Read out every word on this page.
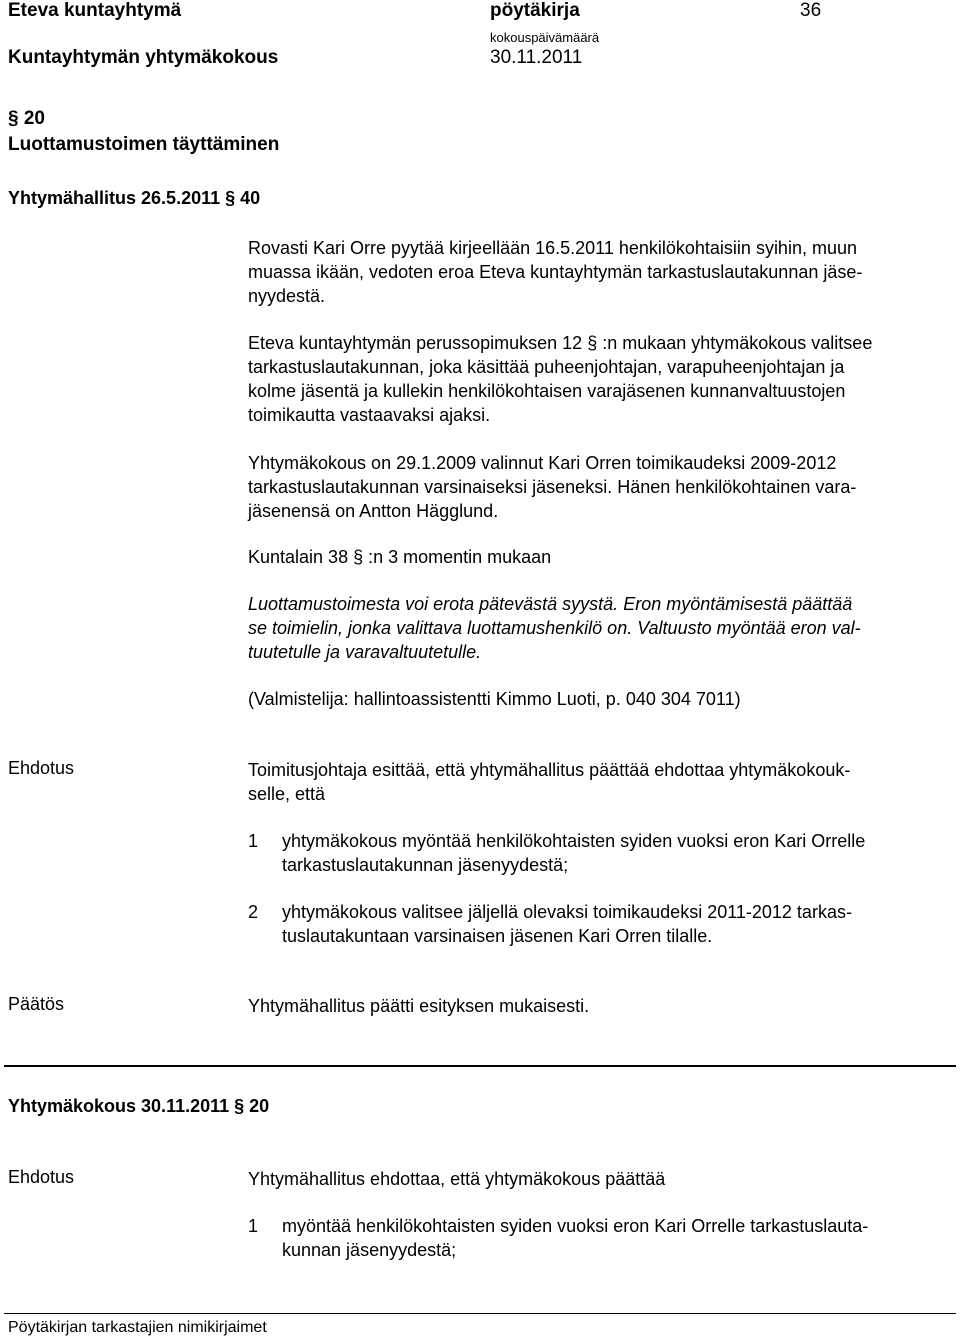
Eteva kuntayhtymä	pöytäkirja	36
Kuntayhtymän yhtymäkokous
kokouspäivämäärä
30.11.2011
§ 20
Luottamustoimen täyttäminen
Yhtymähallitus 26.5.2011 § 40
Rovasti Kari Orre pyytää kirjeellään 16.5.2011 henkilökohtaisiin syihin, muun
muassa ikään, vedoten eroa Eteva kuntayhtymän tarkastuslautakunnan jäse-
nyydestä.
Eteva kuntayhtymän perussopimuksen 12 § :n mukaan yhtymäkokous valitsee
tarkastuslautakunnan, joka käsittää puheenjohtajan, varapuheenjohtajan ja
kolme jäsentä ja kullekin henkilökohtaisen varajäsenen kunnanvaltuustojen
toimikautta vastaavaksi ajaksi.
Yhtymäkokous on 29.1.2009 valinnut Kari Orren toimikaudeksi 2009-2012
tarkastuslautakunnan varsinaiseksi jäseneksi. Hänen henkilökohtainen vara-
jäsenensä on Antton Hägglund.
Kuntalain 38 § :n 3 momentin mukaan
Luottamustoimesta voi erota pätevästä syystä. Eron myöntämisestä päättää
se toimielin, jonka valittava luottamushenkilö on. Valtuusto myöntää eron val-
tuutetulle ja varavaltuutetulle.
(Valmistelija: hallintoassistentti Kimmo Luoti, p. 040 304 7011)
Ehdotus	Toimitusjohtaja esittää, että yhtymähallitus päättää ehdottaa yhtymäkokouk-
selle, että
1 yhtymäkokous myöntää henkilökohtaisten syiden vuoksi eron Kari Orrelle
tarkastuslautakunnan jäsenyydestä;
2 yhtymäkokous valitsee jäljellä olevaksi toimikaudeksi 2011-2012 tarkas-
tuslautakuntaan varsinaisen jäsenen Kari Orren tilalle.
Päätös	Yhtymähallitus päätti esityksen mukaisesti.
Yhtymäkokous 30.11.2011 § 20
Ehdotus	Yhtymähallitus ehdottaa, että yhtymäkokous päättää
1 myöntää henkilökohtaisten syiden vuoksi eron Kari Orrelle tarkastuslauta-
kunnan jäsenyydestä;
Pöytäkirjan tarkastajien nimikirjaimet
